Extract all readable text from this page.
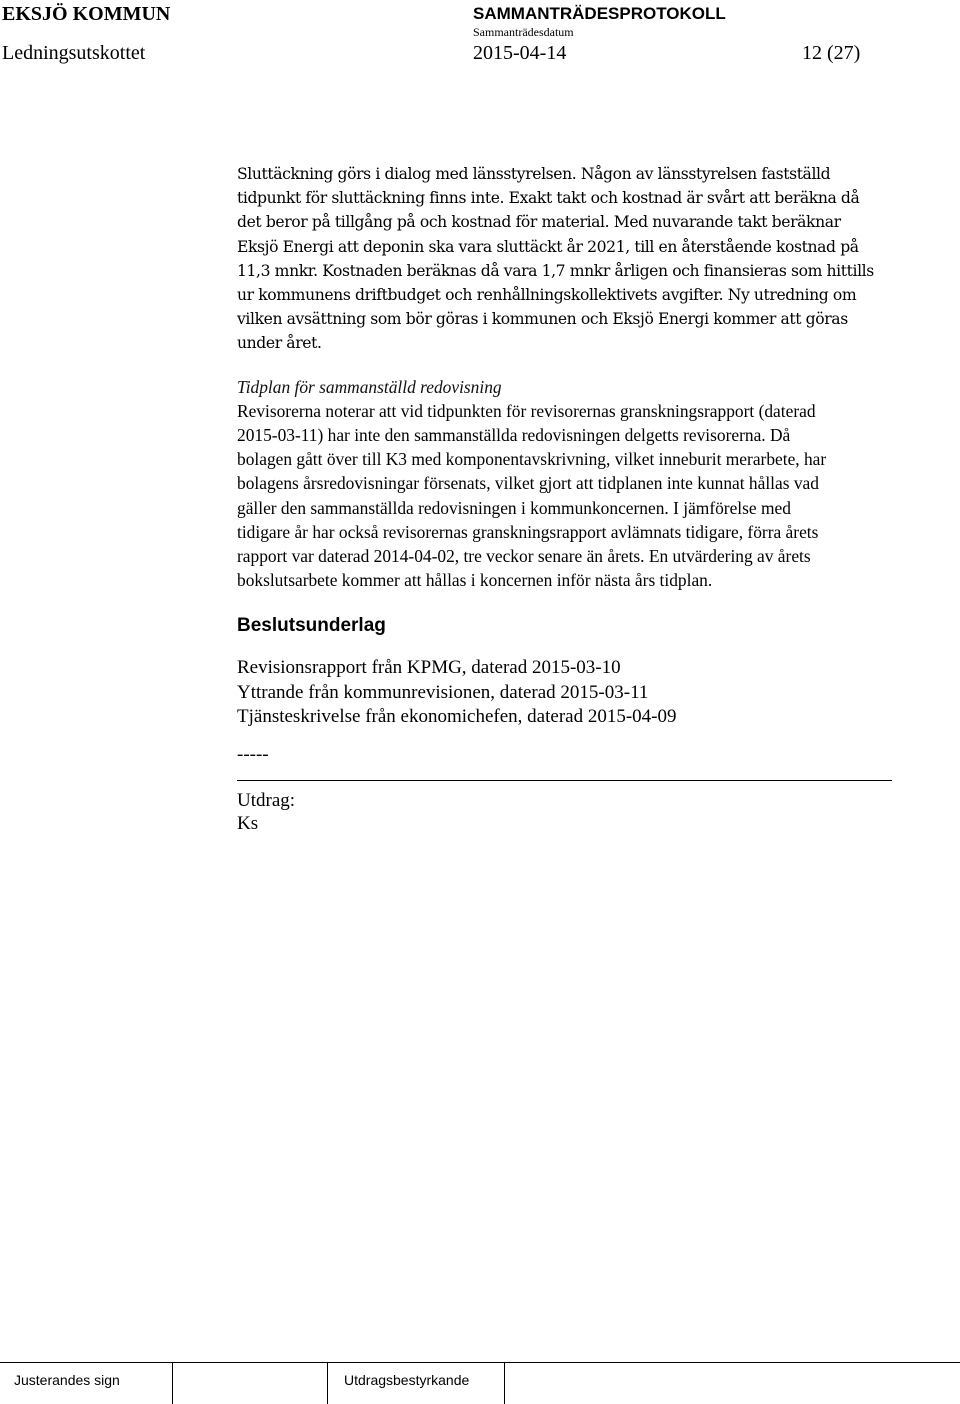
EKSJÖ KOMMUN	SAMMANTRÄDESPROTOKOLL
Sammanträdesdatum
Ledningsutskottet	2015-04-14	12 (27)
Sluttäckning görs i dialog med länsstyrelsen. Någon av länsstyrelsen fastställd
tidpunkt för sluttäckning finns inte. Exakt takt och kostnad är svårt att beräkna då
det beror på tillgång på och kostnad för material. Med nuvarande takt beräknar
Eksjö Energi att deponin ska vara sluttäckt år 2021, till en återstående kostnad på
11,3 mnkr. Kostnaden beräknas då vara 1,7 mnkr årligen och finansieras som hittills
ur kommunens driftbudget och renhållningskollektivets avgifter. Ny utredning om
vilken avsättning som bör göras i kommunen och Eksjö Energi kommer att göras
under året.
Tidplan för sammanställd redovisning
Revisorerna noterar att vid tidpunkten för revisorernas granskningsrapport (daterad
2015-03-11) har inte den sammanställda redovisningen delgetts revisorerna. Då
bolagen gått över till K3 med komponentavskrivning, vilket inneburit merarbete, har
bolagens årsredovisningar försenats, vilket gjort att tidplanen inte kunnat hållas vad
gäller den sammanställda redovisningen i kommunkoncernen. I jämförelse med
tidigare år har också revisorernas granskningsrapport avlämnats tidigare, förra årets
rapport var daterad 2014-04-02, tre veckor senare än årets. En utvärdering av årets
bokslutsarbete kommer att hållas i koncernen inför nästa års tidplan.
Beslutsunderlag
Revisionsrapport från KPMG, daterad 2015-03-10
Yttrande från kommunrevisionen, daterad 2015-03-11
Tjänsteskrivelse från ekonomichefen, daterad 2015-04-09
-----
Utdrag:
Ks
Justerandes sign	Utdragsbestyrkande
